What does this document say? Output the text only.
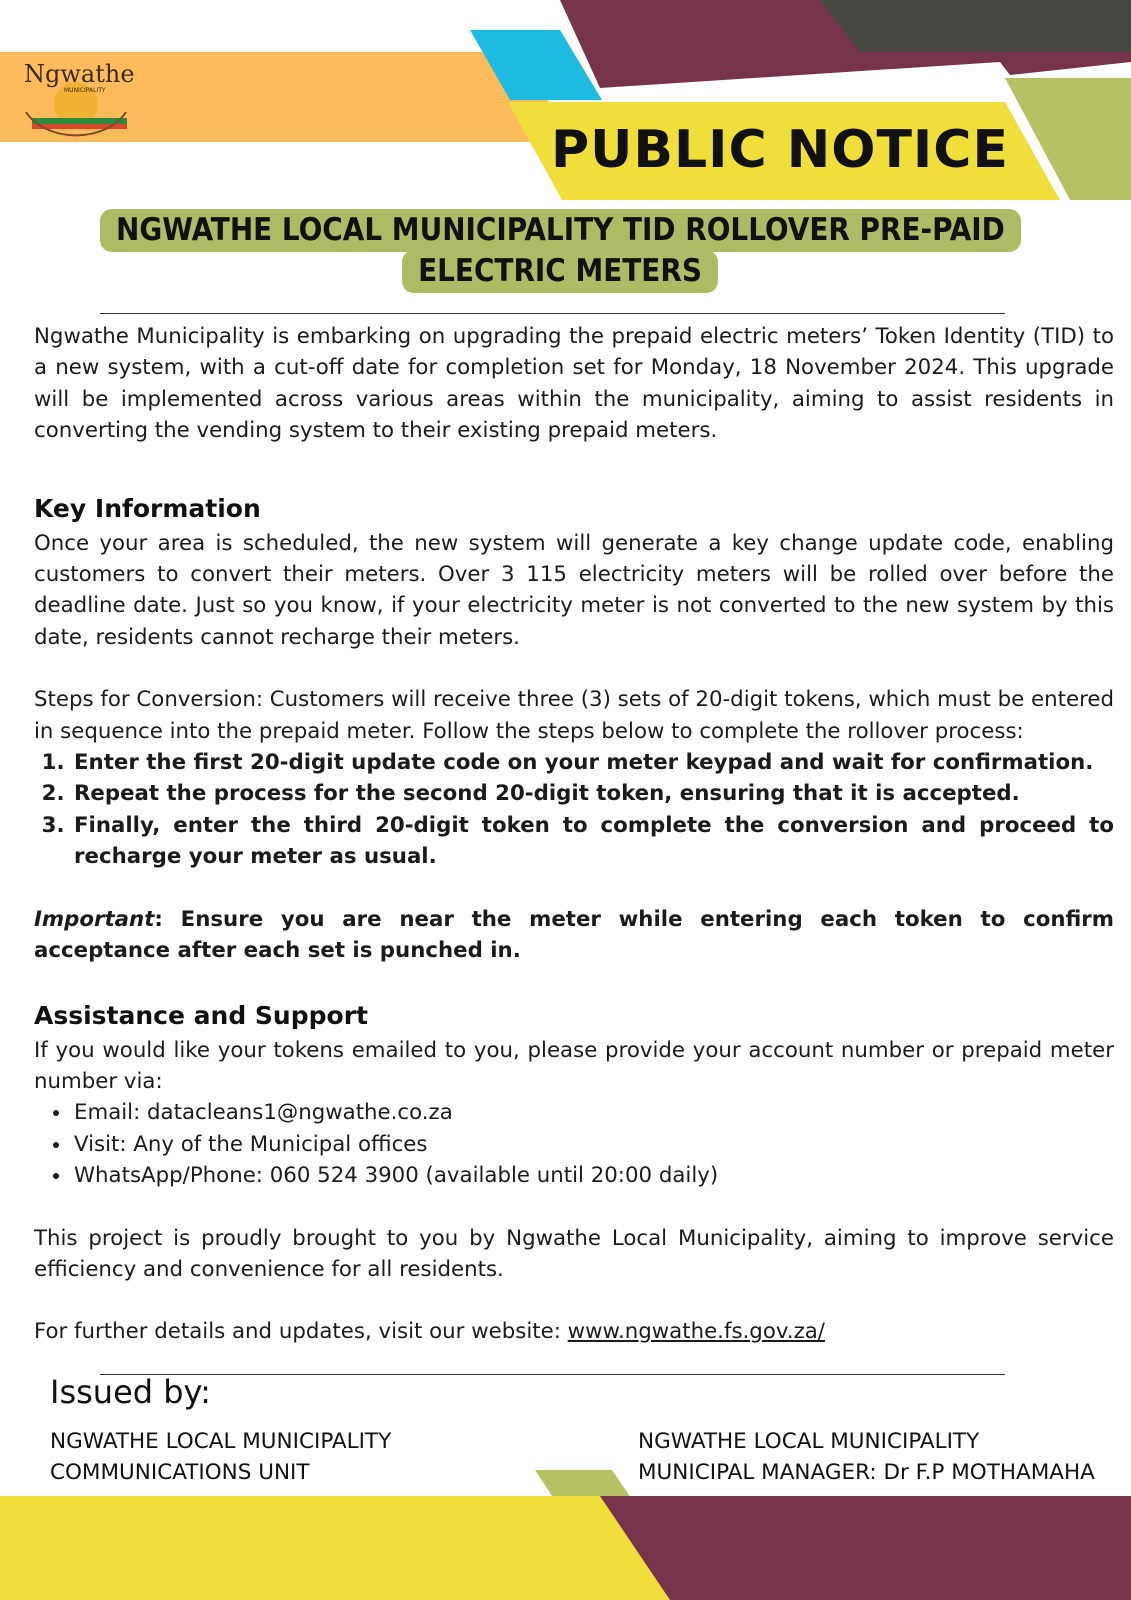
Ngwathe
MUNICIPALITY
PUBLIC NOTICE
NGWATHE LOCAL MUNICIPALITY TID ROLLOVER PRE-PAID ELECTRIC METERS

Ngwathe Municipality is embarking on upgrading the prepaid electric meters’ Token Identity (TID) to a new system, with a cut-off date for completion set for Monday, 18 November 2024. This upgrade will be implemented across various areas within the municipality, aiming to assist residents in converting the vending system to their existing prepaid meters.

Key Information

Once your area is scheduled, the new system will generate a key change update code, enabling customers to convert their meters. Over 3 115 electricity meters will be rolled over before the deadline date. Just so you know, if your electricity meter is not converted to the new system by this date, residents cannot recharge their meters.

Steps for Conversion: Customers will receive three (3) sets of 20-digit tokens, which must be entered in sequence into the prepaid meter. Follow the steps below to complete the rollover process:

1. Enter the first 20-digit update code on your meter keypad and wait for confirmation.
2. Repeat the process for the second 20-digit token, ensuring that it is accepted.
3. Finally, enter the third 20-digit token to complete the conversion and proceed to recharge your meter as usual.

Important: Ensure you are near the meter while entering each token to confirm acceptance after each set is punched in.

Assistance and Support

If you would like your tokens emailed to you, please provide your account number or prepaid meter number via:

• Email: datacleans1@ngwathe.co.za
• Visit: Any of the Municipal offices
• WhatsApp/Phone: 060 524 3900 (available until 20:00 daily)

This project is proudly brought to you by Ngwathe Local Municipality, aiming to improve service efficiency and convenience for all residents.

For further details and updates, visit our website: www.ngwathe.fs.gov.za/

Issued by:
NGWATHE LOCAL MUNICIPALITY
COMMUNICATIONS UNIT
NGWATHE LOCAL MUNICIPALITY
MUNICIPAL MANAGER: Dr F.P MOTHAMAHA
